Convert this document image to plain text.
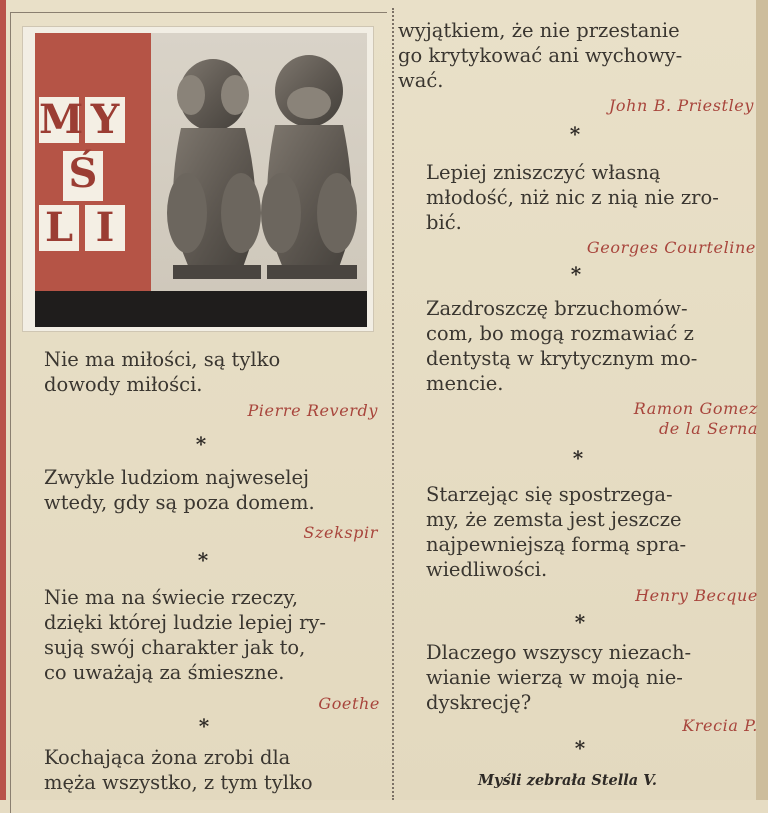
M Y
Ś
L I

Nie ma miłości, są tylko
dowody miłości.

Pierre Reverdy

*

Zwykle ludziom najweselej
wtedy, gdy są poza domem.

Szekspir

*

Nie ma na świecie rzeczy,
dzięki której ludzie lepiej ry-
sują swój charakter jak to,
co uważają za śmieszne.

Goethe

*

Kochająca żona zrobi dla
męża wszystko, z tym tylko

wyjątkiem, że nie przestanie
go krytykować ani wychowy-
wać.

John B. Priestley

*

Lepiej zniszczyć własną
młodość, niż nic z nią nie zro-
bić.

Georges Courteline

*

Zazdroszczę brzuchomów-
com, bo mogą rozmawiać z
dentystą w krytycznym mo-
mencie.

Ramon Gomez
de la Serna

*

Starzejąc się spostrzega-
my, że zemsta jest jeszcze
najpewniejszą formą spra-
wiedliwości.

Henry Becque

*

Dlaczego wszyscy niezach-
wianie wierzą w moją nie-
dyskrecję?

Krecia P.

*

Myśli zebrała Stella V.
